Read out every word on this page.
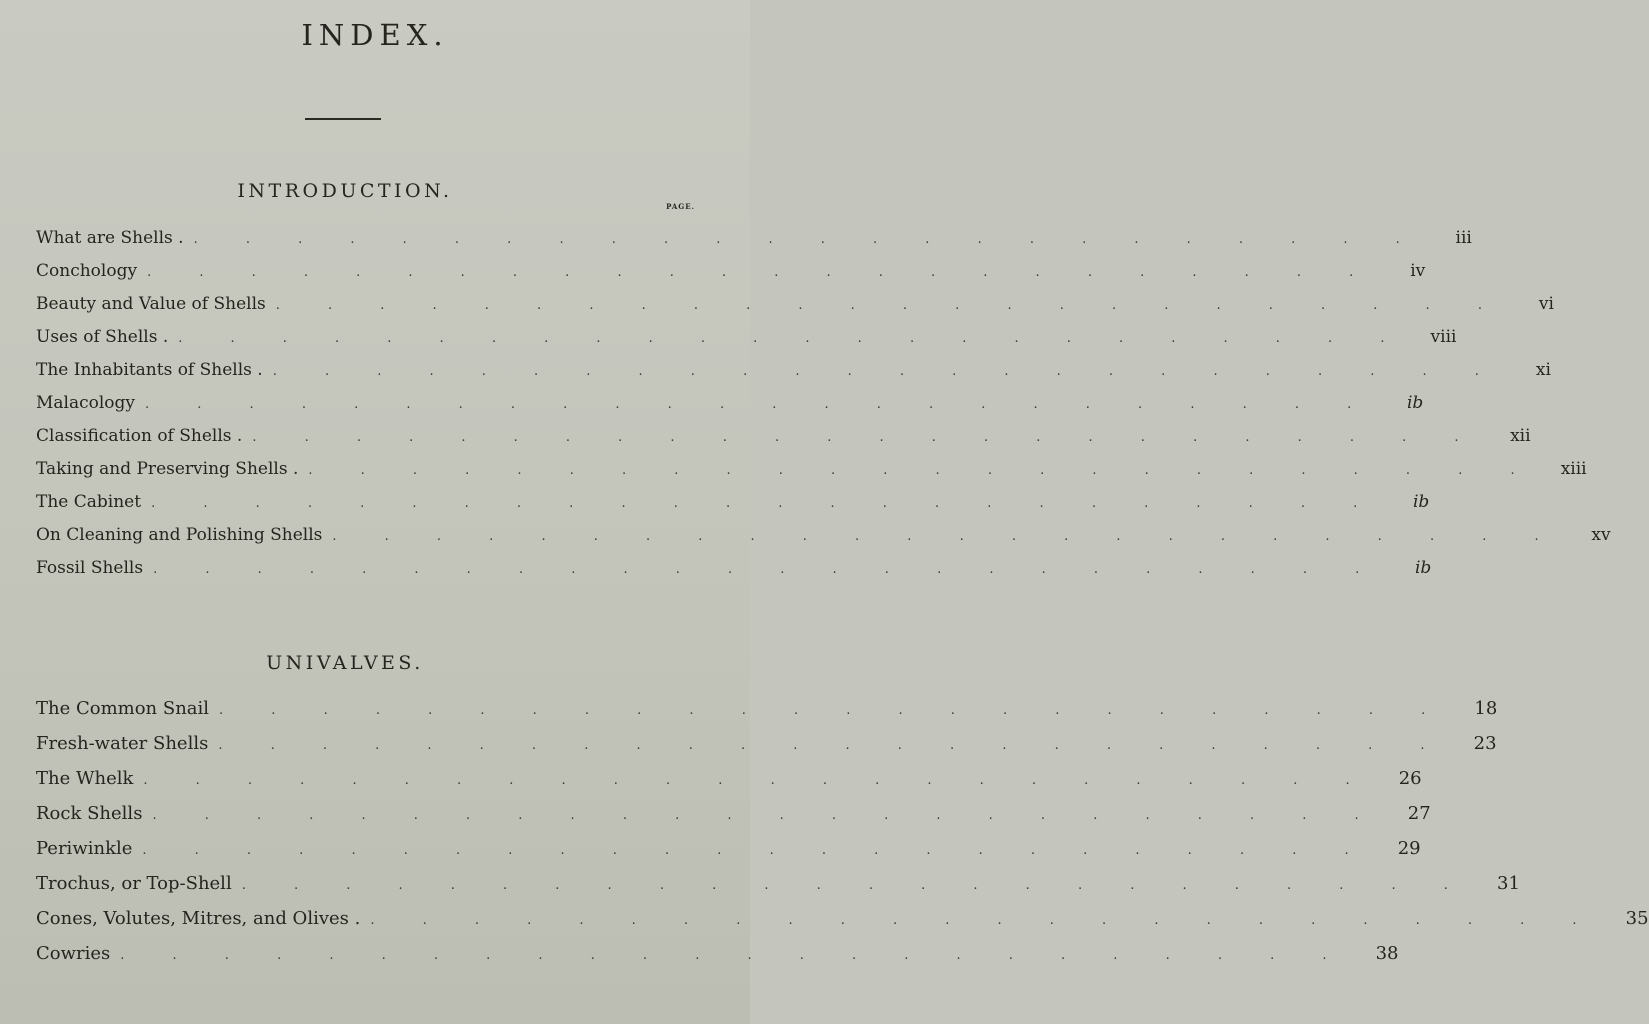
INDEX.
INTRODUCTION.
PAGE.
What are Shells . . . . . . . . . . . . . . . . . . . . . . . . .	iii
Conchology . . . . . . . . . . . . . . . . . . . . . . . .	iv
Beauty and Value of Shells . . . . . . . . . . . . . . . . . . . . . . . .	vi
Uses of Shells . . . . . . . . . . . . . . . . . . . . . . . . .	viii
The Inhabitants of Shells . . . . . . . . . . . . . . . . . . . . . . . . .	xi
Malacology . . . . . . . . . . . . . . . . . . . . . . . .	ib
Classification of Shells . . . . . . . . . . . . . . . . . . . . . . . . .	xii
Taking and Preserving Shells . . . . . . . . . . . . . . . . . . . . . . . . .	xiii
The Cabinet . . . . . . . . . . . . . . . . . . . . . . . .	ib
On Cleaning and Polishing Shells . . . . . . . . . . . . . . . . . . . . . . . .	xv
Fossil Shells . . . . . . . . . . . . . . . . . . . . . . . .	ib
UNIVALVES.
The Common Snail . . . . . . . . . . . . . . . . . . . . . . . .	18
Fresh-water Shells . . . . . . . . . . . . . . . . . . . . . . . .	23
The Whelk . . . . . . . . . . . . . . . . . . . . . . . .	26
Rock Shells . . . . . . . . . . . . . . . . . . . . . . . .	27
Periwinkle . . . . . . . . . . . . . . . . . . . . . . . .	29
Trochus, or Top-Shell . . . . . . . . . . . . . . . . . . . . . . . .	31
Cones, Volutes, Mitres, and Olives . . . . . . . . . . . . . . . . . . . . . . . . .	35
Cowries . . . . . . . . . . . . . . . . . . . . . . . .	38
